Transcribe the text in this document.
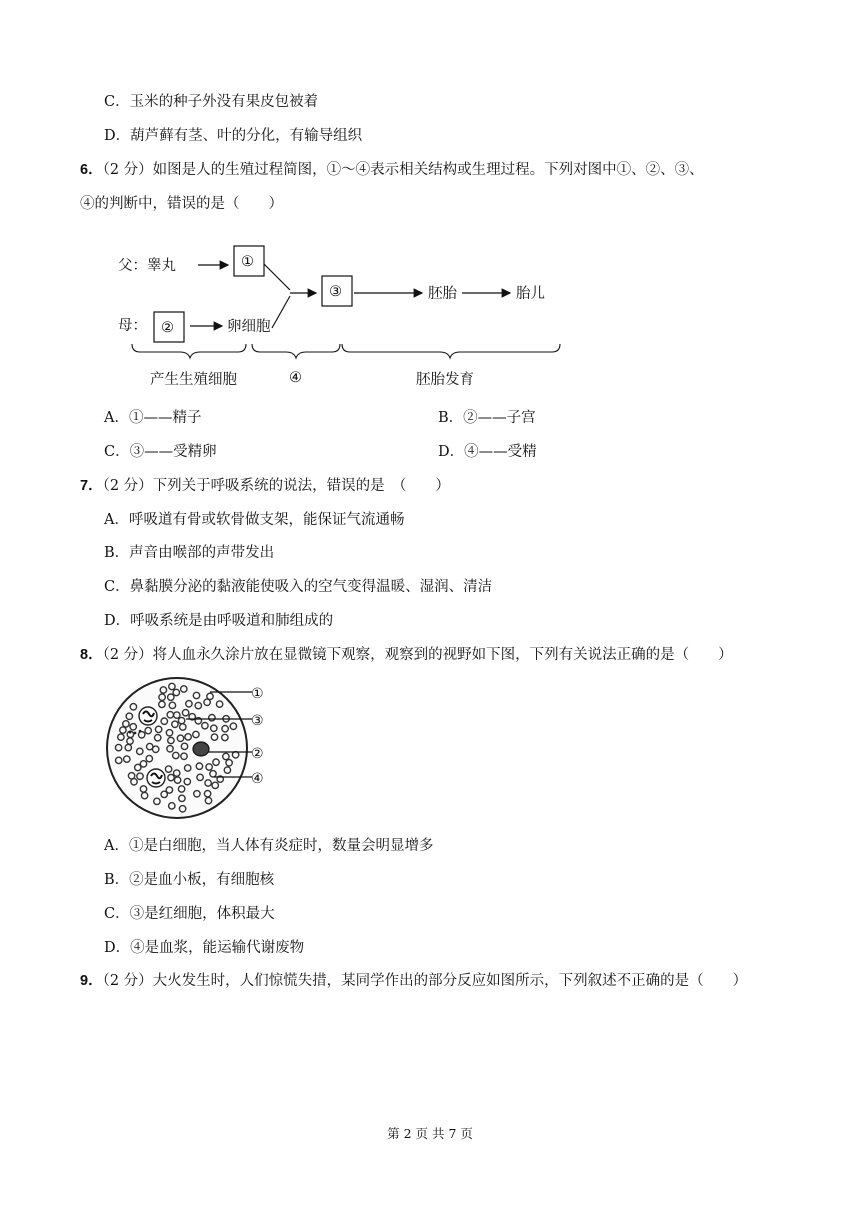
C．玉米的种子外没有果皮包被着
D．葫芦藓有茎、叶的分化，有输导组织
6．（2 分）如图是人的生殖过程简图，①～④表示相关结构或生理过程。下列对图中①、②、③、
④的判断中，错误的是（　　）
父：睾丸	①
③	胚胎	胎儿
母： ②	卵细胞
产生生殖细胞	④	胚胎发育
A．①——精子	B．②——子宫
C．③——受精卵	D．④——受精
7．（2 分）下列关于呼吸系统的说法，错误的是　（　　）
A．呼吸道有骨或软骨做支架，能保证气流通畅
B．声音由喉部的声带发出
C．鼻黏膜分泌的黏液能使吸入的空气变得温暖、湿润、清洁
D．呼吸系统是由呼吸道和肺组成的
8．（2 分）将人血永久涂片放在显微镜下观察，观察到的视野如下图，下列有关说法正确的是（　　）
①
③
②
④
A．①是白细胞，当人体有炎症时，数量会明显增多
B．②是血小板，有细胞核
C．③是红细胞，体积最大
D．④是血浆，能运输代谢废物
9．（2 分）大火发生时，人们惊慌失措，某同学作出的部分反应如图所示，下列叙述不正确的是（　　）
第 2 页 共 7 页
